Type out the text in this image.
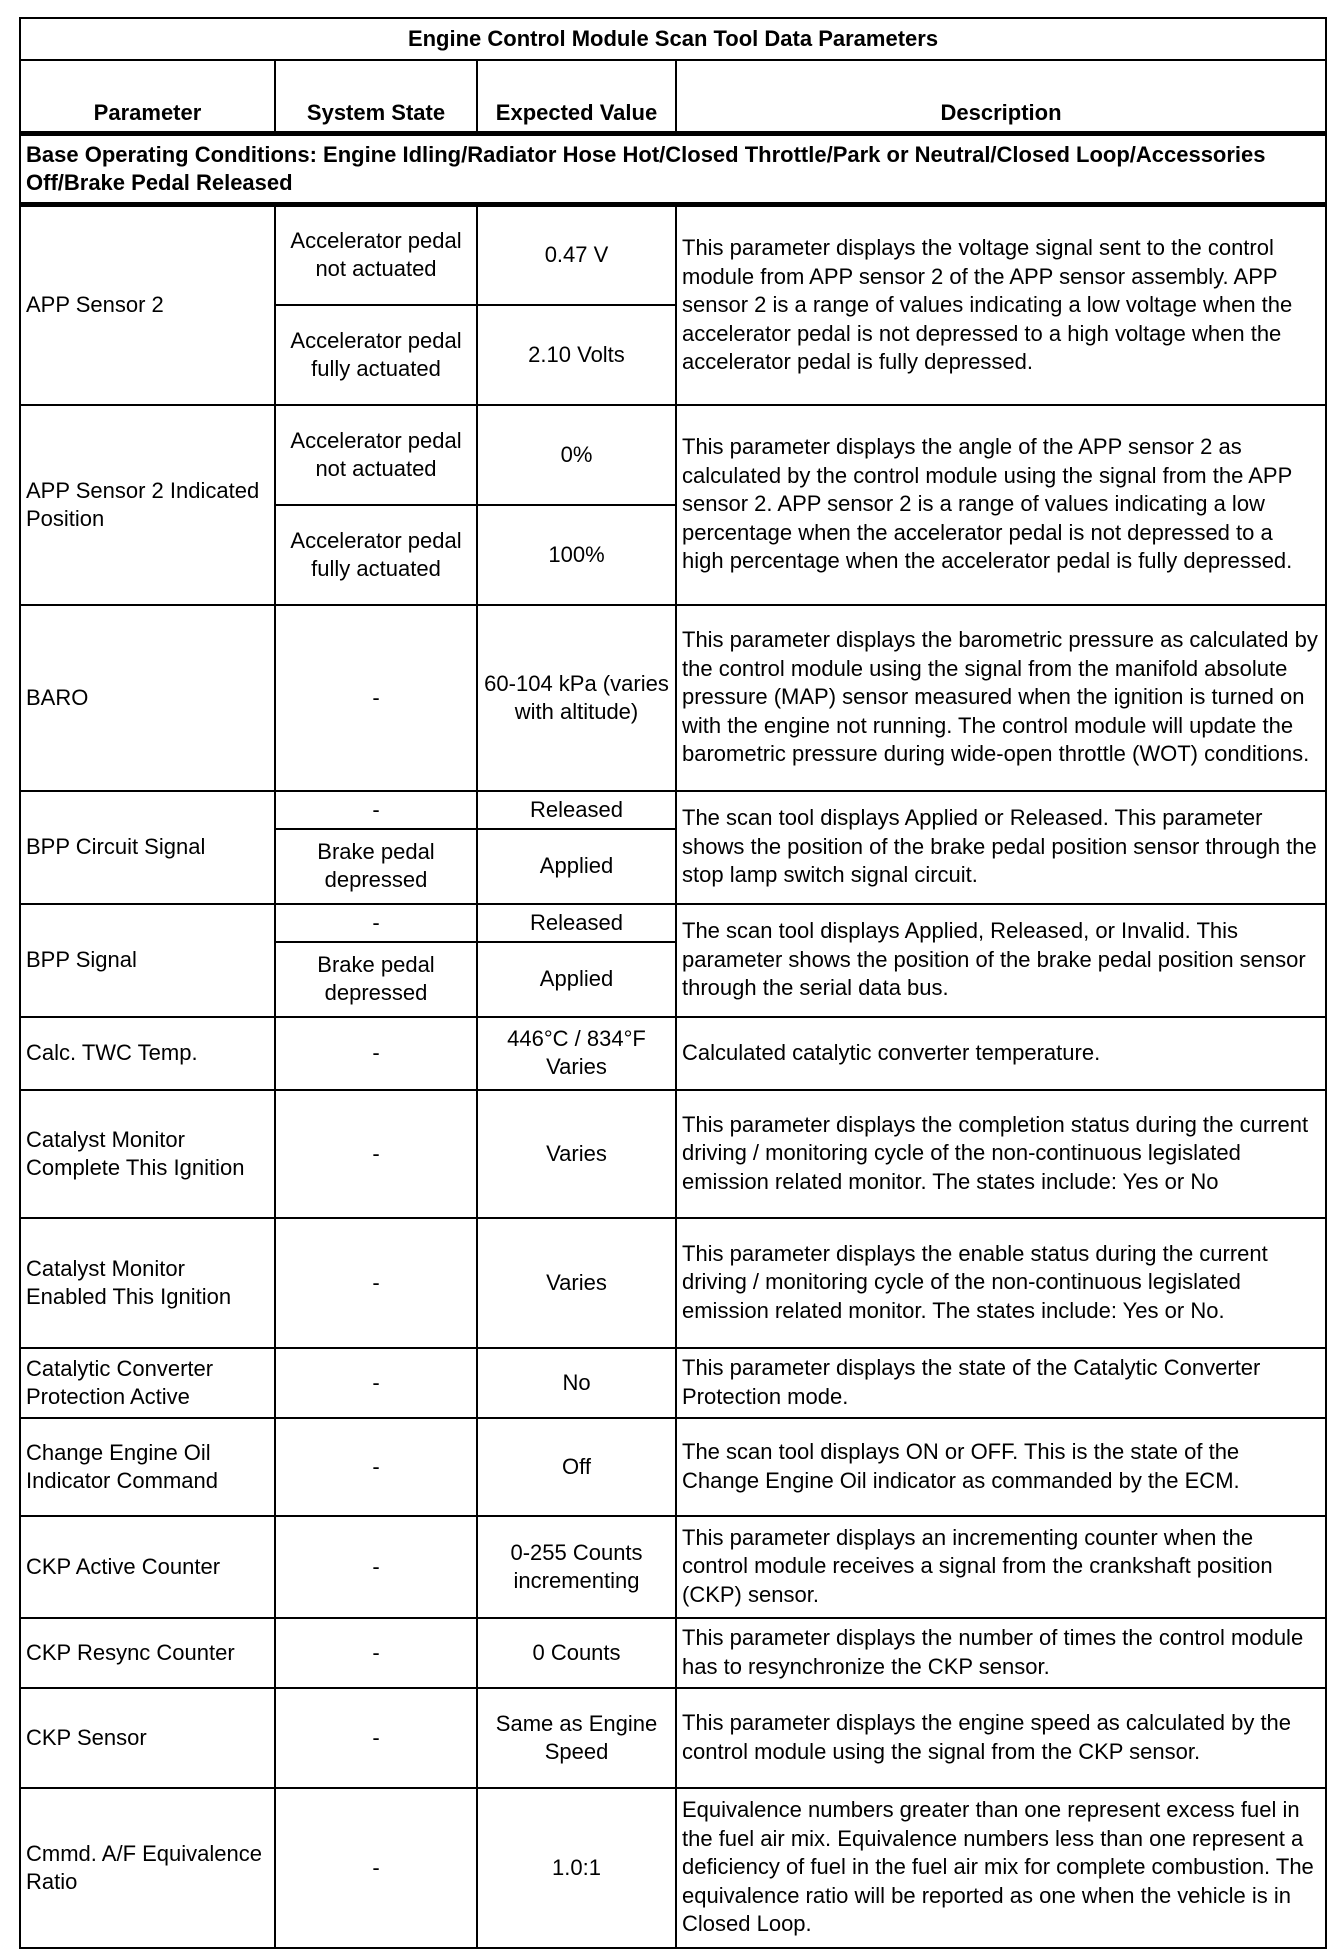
Engine Control Module Scan Tool Data Parameters			
Parameter	System State	Expected Value	Description
Base Operating Conditions: Engine Idling/Radiator Hose Hot/Closed Throttle/Park or Neutral/Closed Loop/Accessories Off/Brake Pedal Released			
APP Sensor 2	Accelerator pedal not actuated	0.47 V	This parameter displays the voltage signal sent to the control module from APP sensor 2 of the APP sensor assembly. APP sensor 2 is a range of values indicating a low voltage when the accelerator pedal is not depressed to a high voltage when the accelerator pedal is fully depressed.
	Accelerator pedal fully actuated	2.10 Volts	
APP Sensor 2 Indicated Position	Accelerator pedal not actuated	0%	This parameter displays the angle of the APP sensor 2 as calculated by the control module using the signal from the APP sensor 2. APP sensor 2 is a range of values indicating a low percentage when the accelerator pedal is not depressed to a high percentage when the accelerator pedal is fully depressed.
	Accelerator pedal fully actuated	100%	
BARO	-	60-104 kPa (varies with altitude)	This parameter displays the barometric pressure as calculated by the control module using the signal from the manifold absolute pressure (MAP) sensor measured when the ignition is turned on with the engine not running. The control module will update the barometric pressure during wide-open throttle (WOT) conditions.
BPP Circuit Signal	-	Released	The scan tool displays Applied or Released. This parameter shows the position of the brake pedal position sensor through the stop lamp switch signal circuit.
	Brake pedal depressed	Applied	
BPP Signal	-	Released	The scan tool displays Applied, Released, or Invalid. This parameter shows the position of the brake pedal position sensor through the serial data bus.
	Brake pedal depressed	Applied	
Calc. TWC Temp.	-	446°C / 834°F Varies	Calculated catalytic converter temperature.
Catalyst Monitor Complete This Ignition	-	Varies	This parameter displays the completion status during the current driving / monitoring cycle of the non-continuous legislated emission related monitor. The states include: Yes or No
Catalyst Monitor Enabled This Ignition	-	Varies	This parameter displays the enable status during the current driving / monitoring cycle of the non-continuous legislated emission related monitor. The states include: Yes or No.
Catalytic Converter Protection Active	-	No	This parameter displays the state of the Catalytic Converter Protection mode.
Change Engine Oil Indicator Command	-	Off	The scan tool displays ON or OFF. This is the state of the Change Engine Oil indicator as commanded by the ECM.
CKP Active Counter	-	0-255 Counts incrementing	This parameter displays an incrementing counter when the control module receives a signal from the crankshaft position (CKP) sensor.
CKP Resync Counter	-	0 Counts	This parameter displays the number of times the control module has to resynchronize the CKP sensor.
CKP Sensor	-	Same as Engine Speed	This parameter displays the engine speed as calculated by the control module using the signal from the CKP sensor.
Cmmd. A/F Equivalence Ratio	-	1.0:1	Equivalence numbers greater than one represent excess fuel in the fuel air mix. Equivalence numbers less than one represent a deficiency of fuel in the fuel air mix for complete combustion. The equivalence ratio will be reported as one when the vehicle is in Closed Loop.
